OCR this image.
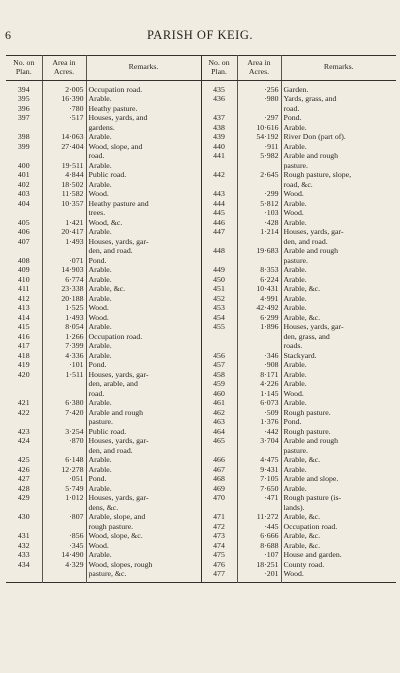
6	PARISH OF KEIG.
No. on Plan.	Area in Acres.	Remarks.	No. on Plan.	Area in Acres.	Remarks.
394	2·005	Occupation road.	435	·256	Garden.
395	16·390	Arable.	436	·980	Yards, grass, and
396	·780	Heathy pasture.			road.
397	·517	Houses, yards, and	437	·297	Pond.
		gardens.	438	10·616	Arable.
398	14·063	Arable.	439	54·192	River Don (part of).
399	27·404	Wood, slope, and	440	·911	Arable.
		road.	441	5·982	Arable and rough
400	19·511	Arable.			pasture.
401	4·844	Public road.	442	2·645	Rough pasture, slope,
402	18·502	Arable.			road, &c.
403	11·582	Wood.	443	·299	Wood.
404	10·357	Heathy pasture and	444	5·812	Arable.
		trees.	445	·103	Wood.
405	1·421	Wood, &c.	446	·428	Arable.
406	20·417	Arable.	447	1·214	Houses, yards, gar-
407	1·493	Houses, yards, gar-			den, and road.
		den, and road.	448	19·683	Arable and rough
408	·071	Pond.			pasture.
409	14·903	Arable.	449	8·353	Arable.
410	6·774	Arable.	450	6·224	Arable.
411	23·338	Arable, &c.	451	10·431	Arable, &c.
412	20·188	Arable.	452	4·991	Arable.
413	1·525	Wood.	453	42·492	Arable.
414	1·493	Wood.	454	6·299	Arable, &c.
415	8·054	Arable.	455	1·896	Houses, yards, gar-
416	1·266	Occupation road.			den, grass, and
417	7·399	Arable.			roads.
418	4·336	Arable.	456	·346	Stackyard.
419	·101	Pond.	457	·908	Arable.
420	1·511	Houses, yards, gar-	458	8·171	Arable.
		den, arable, and	459	4·226	Arable.
		road.	460	1·145	Wood.
421	6·380	Arable.	461	6·073	Arable.
422	7·420	Arable and rough	462	·509	Rough pasture.
		pasture.	463	1·376	Pond.
423	3·254	Public road.	464	·442	Rough pasture.
424	·870	Houses, yards, gar-	465	3·704	Arable and rough
		den, and road.			pasture.
425	6·148	Arable.	466	4·475	Arable, &c.
426	12·278	Arable.	467	9·431	Arable.
427	·051	Pond.	468	7·105	Arable and slope.
428	5·749	Arable.	469	7·650	Arable.
429	1·012	Houses, yards, gar-	470	·471	Rough pasture (is-
		dens, &c.			lands).
430	·807	Arable, slope, and	471	11·272	Arable, &c.
		rough pasture.	472	·445	Occupation road.
431	·856	Wood, slope, &c.	473	6·666	Arable, &c.
432	·345	Wood.	474	8·688	Arable, &c.
433	14·490	Arable.	475	·107	House and garden.
434	4·329	Wood, slopes, rough	476	18·251	County road.
		pasture, &c.	477	·201	Wood.
